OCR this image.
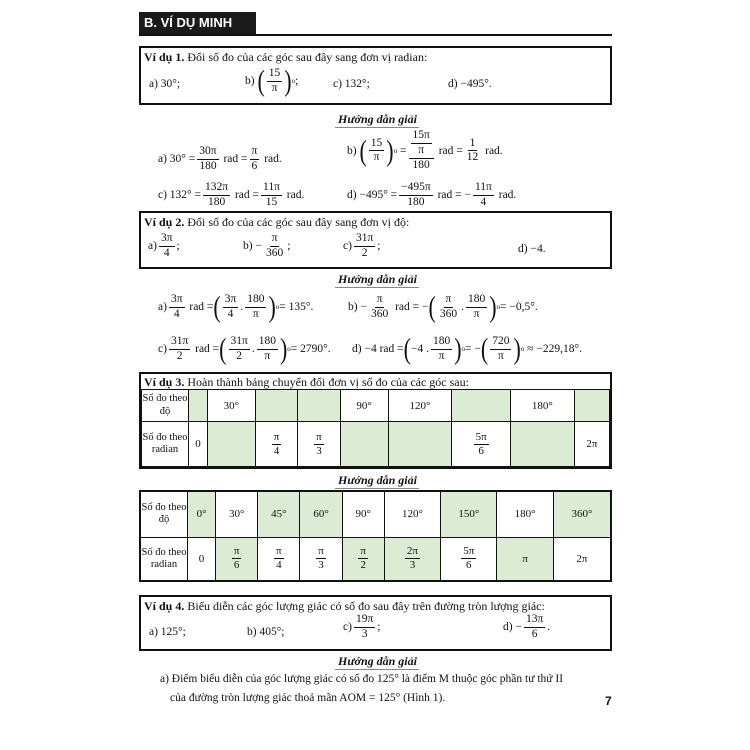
B. VÍ DỤ MINH HOẠ
Ví dụ 1. Đổi số đo của các góc sau đây sang đơn vị radian:
a) 30°;	b)
( $\frac{15}{\pi}$ ) o ;	c) 132°;	d) −495°.
Hướng dẫn giải
a) $30^\circ = \frac{30\pi}{180}$
rad = $\frac{\pi}{6}$
rad.
b)
( $\frac{15}{\pi}$ ) o
= $\frac{\frac{15\pi}{\pi}}{180}$
rad = $\frac{1}{12}$
rad.
c) $132^\circ = \frac{132\pi}{180}$
rad = $\frac{11\pi}{15}$
rad.	$d) -495^\circ = \frac{-495\pi}{180}$
rad = − $\frac{11\pi}{4}$
rad.
Ví dụ 2. Đổi số đo của các góc sau đây sang đơn vị độ:
$a) \frac{3\pi}{4}$ ;	$b) - \frac{\pi}{360}$ ;	$c) \frac{31\pi}{2}$ ;	d) −4.
Hướng dẫn giải
$a) \frac{3\pi}{4}$
rad = ( $\frac{3\pi}{4}$ . $\frac{180}{\pi}$ ) o = 135°.	$b) - \frac{\pi}{360}$
rad = − ( $\frac{\pi}{360}$ . $\frac{180}{\pi}$ ) o = −0,5°.
$c) \frac{31\pi}{2}$
rad = ( $\frac{31\pi}{2}$ . $\frac{180}{\pi}$ ) o = 2790°. d) −4 rad = ( −4 . $\frac{180}{\pi}$ ) o = − ( $\frac{720}{\pi}$ ) o
≈ −229,18°.
Ví dụ 3. Hoàn thành bảng chuyển đổi đơn vị số đo của các góc sau:
Số đo theo độ		30°			90°	120°		180°	
Số đo theo radian	0		$\frac{\pi}{4}$	$\frac{\pi}{3}$			$\frac{5\pi}{6}$		2π
Hướng dẫn giải
Số đo theo độ	0°	30°	45°	60°	90°	120°	150°	180°	360°
Số đo theo radian	0	$\frac{\pi}{6}$	$\frac{\pi}{4}$	$\frac{\pi}{3}$	$\frac{\pi}{2}$	$\frac{2\pi}{3}$	$\frac{5\pi}{6}$	π	2π
Ví dụ 4. Biểu diễn các góc lượng giác có số đo sau đây trên đường tròn lượng giác:
a) 125°;	b) 405°;	$c) \frac{19\pi}{3}$ ;	$d) - \frac{13\pi}{6}$ .
Hướng dẫn giải
a) Điểm biểu diễn của góc lượng giác có số đo 125° là điểm M thuộc góc phần tư thứ II
của đường tròn lượng giác thoả mãn AOM = 125° (Hình 1).	7
